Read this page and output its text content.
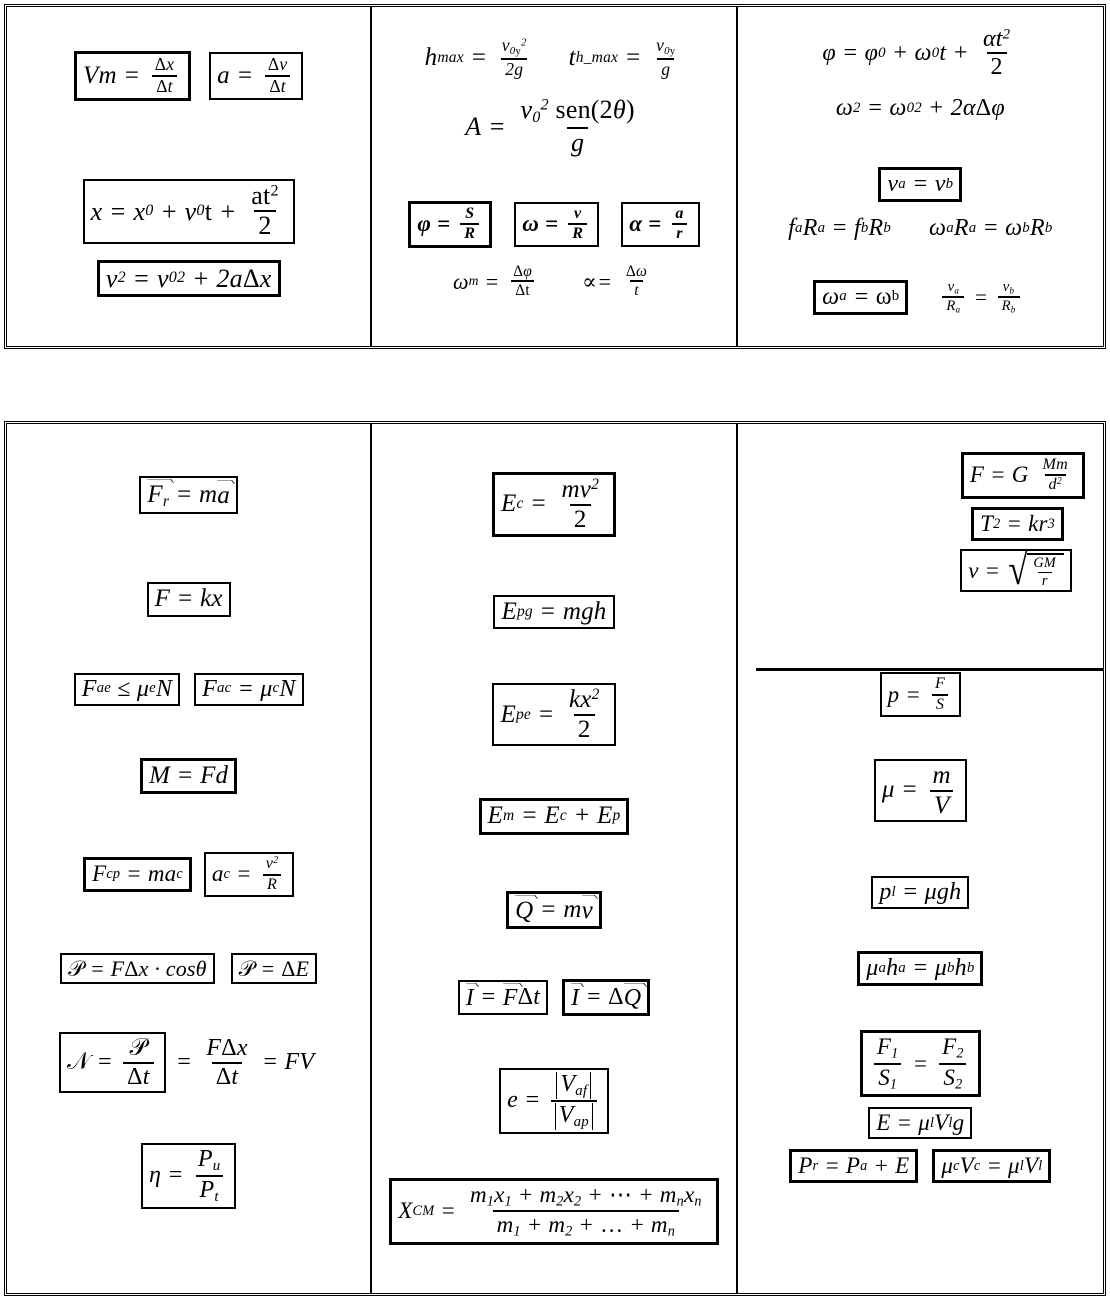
$Vm = \frac{\Delta x}{\Delta t}$ $a = \frac{\Delta v}{\Delta t}$
x = x 0 + v 0 $t + \frac{at^2}{2}$
v 2 = v 0 2 + 2 a Δ x
h $\max = \frac{v_{0y}^2}{2g}$ t h_max = $\frac{v_{0y}}{g}$
$A = \frac{v_0^2 sen(2\theta)}{g}$
$\varphi = \frac{S}{R}$ $\omega = \frac{v}{R}$ $\alpha = \frac{a}{r}$
ω $m = \frac{\Delta\varphi}{\Delta t}$ ∝ = $\frac{\Delta\omega}{t}$
φ = φ 0 + ω 0 $t + \frac{\alpha t^2}{2}$
ω 2 = ω 0 2 + 2 α Δ φ
v a = v b
f a R a = f b R b ω a R a = ω b R b
ω a = ω b	$\frac{v_a}{R_a} = \frac{v_b}{R_b}$
$F_r = m$ a
F = kx
F ae ≤ μ e N F ac = μ c N
M = Fd
F cp = ma c a $c = \frac{v^2}{R}$
𝒫 = F Δ x · cosθ 𝒫 = Δ E
𝒩 = $\frac{\text{𝒫}}{\Delta t} = \frac{\text{FΔx}}{\Delta t}$ = FV
$\eta = \frac{P_u}{P_t}$
E $c = \frac{mv^2}{2}$
E pg = mgh
E pe = $\frac{kx^2}{2}$
E m = E c + E p
Q = m v
I = F Δ t I = Δ Q
$e = \frac{V_{af}}{V_{ap}}$
X CM = $\frac{m_1x_1 + m_2x_2 + \cdots + m_nx_n}{m_1 + m_2 + \dots + m_n}$
F = G
$\frac{Mm}{d^2}$
T 2 = kr 3
v = √ $\frac{GM}{r}$
$p = \frac{F}{S}$
$\mu = \frac{m}{V}$
p l = μgh
μ a h a = μ b h b
$\frac{F_1}{S_1} = \frac{F_2}{S_2}$
E = μ l V l g
P r = P a + E μ c V c = μ l V l
